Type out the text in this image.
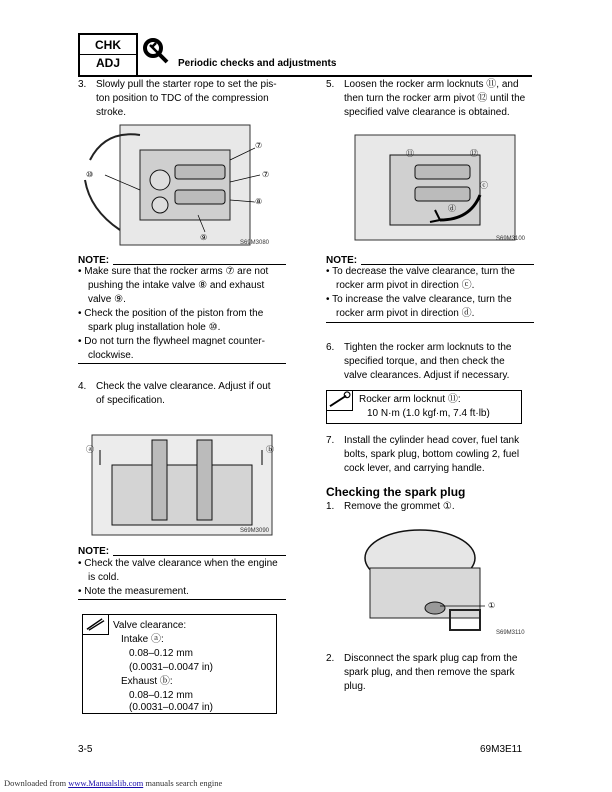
CHK
ADJ	Periodic checks and adjustments
3. Slowly pull the starter rope to set the pis-
ton position to TDC of the compression
stroke.
⑦
⑦
⑩
⑧
⑨
S69M3080
NOTE:
• Make sure that the rocker arms ⑦ are not
pushing the intake valve ⑧ and exhaust
valve ⑨.
• Check the position of the piston from the
spark plug installation hole ⑩.
• Do not turn the flywheel magnet counter-
clockwise.
4. Check the valve clearance. Adjust if out
of specification.
ⓐ	ⓑ
S69M3090
NOTE:
• Check the valve clearance when the engine
is cold.
• Note the measurement.
Valve clearance:
Intake ⓐ:
0.08–0.12 mm
(0.0031–0.0047 in)
Exhaust ⓑ:
0.08–0.12 mm
(0.0031–0.0047 in)
5. Loosen the rocker arm locknuts ⑪, and
then turn the rocker arm pivot ⑫ until the
specified valve clearance is obtained.
⑪	⑫
ⓒ
ⓓ
S69M3100
NOTE:
• To decrease the valve clearance, turn the
rocker arm pivot in direction ⓒ.
• To increase the valve clearance, turn the
rocker arm pivot in direction ⓓ.
6. Tighten the rocker arm locknuts to the
specified torque, and then check the
valve clearances. Adjust if necessary.
Rocker arm locknut ⑪:
10 N·m (1.0 kgf·m, 7.4 ft·lb)
7. Install the cylinder head cover, fuel tank
bolts, spark plug, bottom cowling 2, fuel
cock lever, and carrying handle.
Checking the spark plug
1. Remove the grommet ①.
①
S69M3110
2. Disconnect the spark plug cap from the
spark plug, and then remove the spark
plug.
3-5	69M3E11
Downloaded from www.Manualslib.com manuals search engine
